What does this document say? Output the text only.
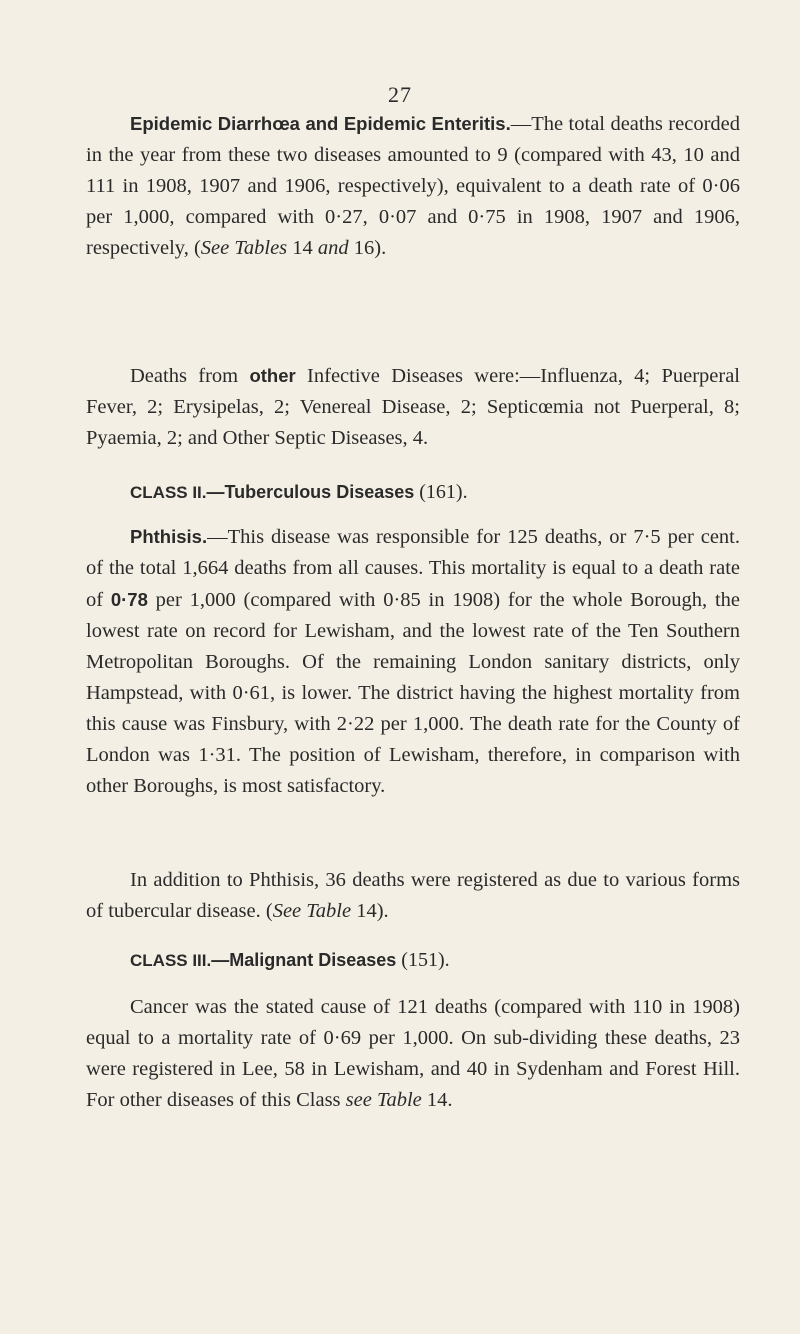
27

Epidemic Diarrhœa and Epidemic Enteritis.—The total deaths recorded in the year from these two diseases amounted to 9 (compared with 43, 10 and 111 in 1908, 1907 and 1906, respectively), equivalent to a death rate of 0·06 per 1,000, compared with 0·27, 0·07 and 0·75 in 1908, 1907 and 1906, respectively, (See Tables 14 and 16).

Deaths from other Infective Diseases were:—Influenza, 4; Puerperal Fever, 2; Erysipelas, 2; Venereal Disease, 2; Septicœmia not Puerperal, 8; Pyaemia, 2; and Other Septic Diseases, 4.

CLASS II.—Tuberculous Diseases (161).

Phthisis.—This disease was responsible for 125 deaths, or 7·5 per cent. of the total 1,664 deaths from all causes. This mortality is equal to a death rate of 0·78 per 1,000 (compared with 0·85 in 1908) for the whole Borough, the lowest rate on record for Lewisham, and the lowest rate of the Ten Southern Metropolitan Boroughs. Of the remaining London sanitary districts, only Hampstead, with 0·61, is lower. The district having the highest mortality from this cause was Finsbury, with 2·22 per 1,000. The death rate for the County of London was 1·31. The position of Lewisham, therefore, in comparison with other Boroughs, is most satisfactory.

In addition to Phthisis, 36 deaths were registered as due to various forms of tubercular disease. (See Table 14).

CLASS III.—Malignant Diseases (151).

Cancer was the stated cause of 121 deaths (compared with 110 in 1908) equal to a mortality rate of 0·69 per 1,000. On sub-dividing these deaths, 23 were registered in Lee, 58 in Lewisham, and 40 in Sydenham and Forest Hill. For other diseases of this Class see Table 14.
